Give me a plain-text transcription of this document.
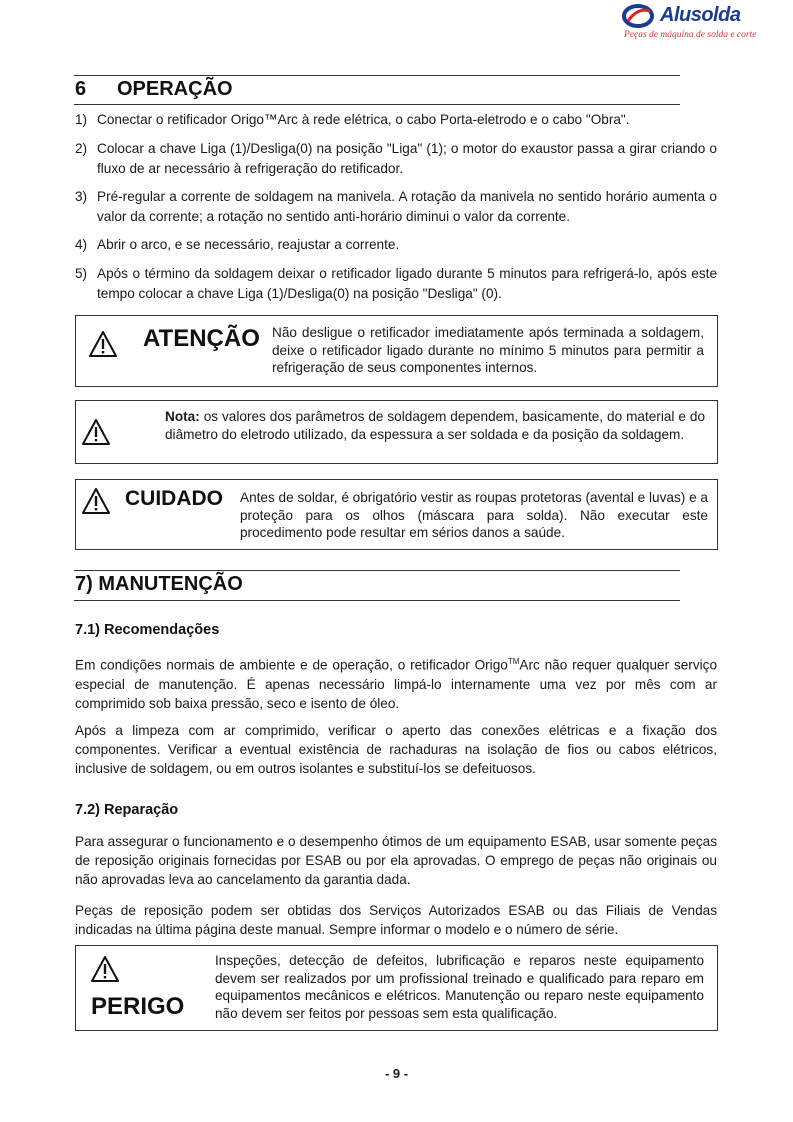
Alusolda
Peças de máquina de solda e corte
6 OPERAÇÃO
1) Conectar o retificador Origo™Arc à rede elétrica, o cabo Porta-eletrodo e o cabo "Obra".
2) Colocar a chave Liga (1)/Desliga(0) na posição "Liga" (1); o motor do exaustor passa a girar criando o fluxo de ar necessário à refrigeração do retificador.
3) Pré-regular a corrente de soldagem na manivela. A rotação da manivela no sentido horário aumenta o valor da corrente; a rotação no sentido anti-horário diminui o valor da corrente.
4) Abrir o arco, e se necessário, reajustar a corrente.
5) Após o término da soldagem deixar o retificador ligado durante 5 minutos para refrigerá-lo, após este tempo colocar a chave Liga (1)/Desliga(0) na posição "Desliga" (0).
ATENÇÃO Não desligue o retificador imediatamente após terminada a soldagem, deixe o retificador ligado durante no mínimo 5 minutos para permitir a refrigeração de seus componentes internos.
Nota: os valores dos parâmetros de soldagem dependem, basicamente, do material e do diâmetro do eletrodo utilizado, da espessura a ser soldada e da posição da soldagem.
CUIDADO Antes de soldar, é obrigatório vestir as roupas protetoras (avental e luvas) e a proteção para os olhos (máscara para solda). Não executar este procedimento pode resultar em sérios danos a saúde.
7) MANUTENÇÃO
7.1) Recomendações

Em condições normais de ambiente e de operação, o retificador Origo™Arc não requer qualquer serviço especial de manutenção. É apenas necessário limpá-lo internamente uma vez por mês com ar comprimido sob baixa pressão, seco e isento de óleo.

Após a limpeza com ar comprimido, verificar o aperto das conexões elétricas e a fixação dos componentes. Verificar a eventual existência de rachaduras na isolação de fios ou cabos elétricos, inclusive de soldagem, ou em outros isolantes e substituí-los se defeituosos.

7.2) Reparação

Para assegurar o funcionamento e o desempenho ótimos de um equipamento ESAB, usar somente peças de reposição originais fornecidas por ESAB ou por ela aprovadas. O emprego de peças não originais ou não aprovadas leva ao cancelamento da garantia dada.

Peças de reposição podem ser obtidas dos Serviços Autorizados ESAB ou das Filiais de Vendas indicadas na última página deste manual. Sempre informar o modelo e o número de série.

PERIGO
Inspeções, detecção de defeitos, lubrificação e reparos neste equipamento devem ser realizados por um profissional treinado e qualificado para reparo em equipamentos mecânicos e elétricos. Manutenção ou reparo neste equipamento não devem ser feitos por pessoas sem esta qualificação.
- 9 -
